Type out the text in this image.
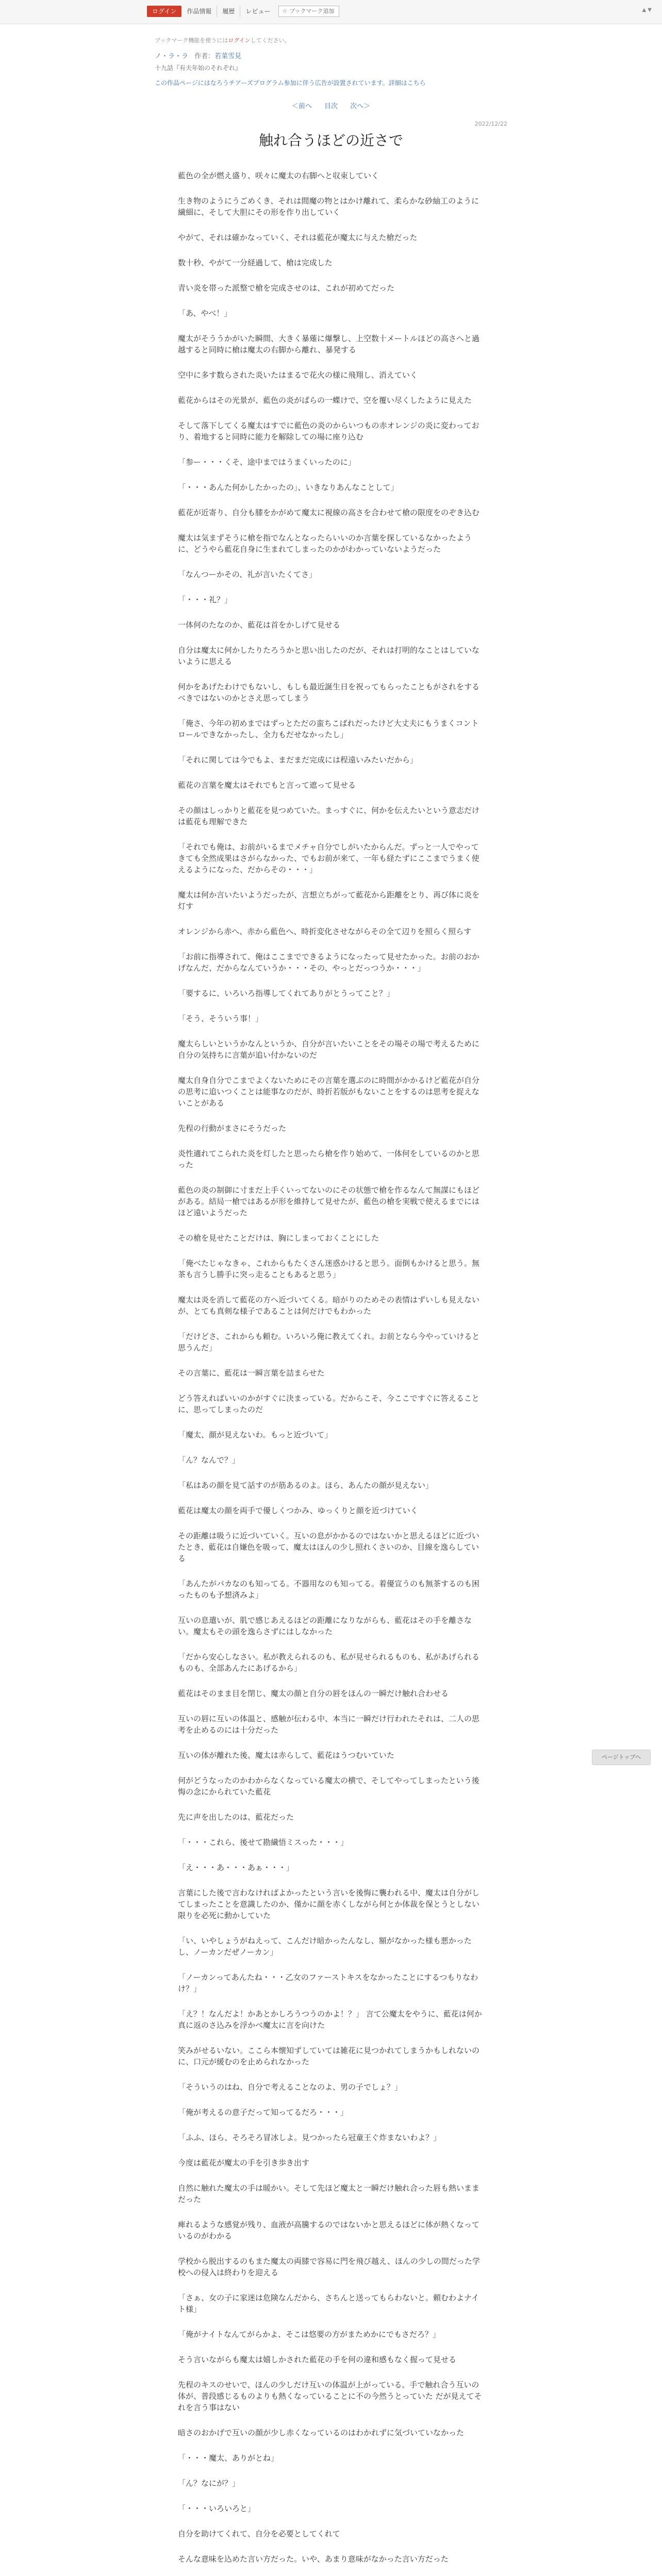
ログイン	作品情報	履歴	レビュー	☆ ブックマーク追加	▲ ▼

ブックマーク機能を使うにはログインしてください。

ノ・ラ・ラ 作者：若菜雪見

十九話『有夫年始のそれぞれ』

この作品ページにはなろうチアーズプログラム参加に伴う広告が設置されています。詳細はこちら

＜前へ 目次 次へ＞
2022/12/22
触れ合うほどの近さで

藍色の全が燃え盛り、咲々に魔太の右脚へと収束していく

生き物のようにうごめくき、それは間魔の物とはかけ離れて、柔らかな砂紬工のように繊細に、そして大胆にその形を作り出していく

やがて、それは確かなっていく、それは藍花が魔太に与えた槍だった

数十秒、やがて一分経過して、槍は完成した

青い炎を帯った派整で槍を完成させのは、これが初めてだった

「あ、やべ！」

魔太がそううかがいた瞬間、大きく暴薙に爆撃し、上空数十メートルほどの高さへと過越すると同時に槍は魔太の右脚から離れ、暴発する

空中に多す数らされた炎いたはまるで花火の様に飛翔し、消えていく

藍花からはその光景が、藍色の炎がぱらの一蝶けで、空を覆い尽くしたように見えた

そして落下してくる魔太はすでに藍色の炎のからいつもの赤オレンジの炎に変わっており、着地すると同時に能力を解除しての場に座り込む

「参ー・・・くそ、途中まではうまくいったのに」

「・・・あんた何かしたかったの」、いきなりあんなことして」

藍花が近寄り、自分も膝をかがめて魔太に視線の高さを合わせて槍の限度をのぞき込む

魔太は気まずそうに槍を指でなんとなったらいいのか言葉を探しているなかったように、どうやら藍花自身に生まれてしまったのかがわかっていないようだった

「なんつーかその、礼が言いたくてさ」

「・・・礼？」

一体何のたなのか、藍花は首をかしげて見せる

自分は魔太に何かしたりたろうかと思い出したのだが、それは打明的なことはしていないように思える

何かをあげたわけでもないし、もしも最近誕生日を祝ってもらったこともがされをするべきではないのかとさえ思ってしまう

「俺さ、今年の初めまではずっとただの蛮ちこばれだったけど大丈夫にもうまくコントロールできなかったし、全力もだせなかったし」

「それに関しては今でもよ、まだまだ完成には程遠いみたいだから」

藍花の言葉を魔太はそれでもと言って遮って見せる

その顔はしっかりと藍花を見つめていた。まっすぐに、何かを伝えたいという意志だけは藍花も理解できた

「それでも俺は、お前がいるまでメチャ自分でしがいたからんだ。ずっと一人でやってきても全然成果はさがらなかった、でもお前が来て、一年も経たずにここまでうまく使えるようになった、だからその・・・」

魔太は何か言いたいようだったが、言想立ちがって藍花から距離をとり、再び体に炎を灯す

オレンジから赤へ、赤から藍色へ、時折変化させながらその全て辺りを照らく照らす

「お前に指導されて、俺はここまでできるようになったって見せたかった。お前のおかげなんだ、だからなんていうか・・・その、やっとだっつうか・・・」

「要するに、いろいろ指導してくれてありがとうってこと？」

「そう、そういう事！」

魔太らしいというかなんというか、自分が言いたいことをその場その場で考えるために自分の気持ちに言葉が追い付かないのだ

魔太自身自分でこまでよくないためにその言葉を選ぶのに時間がかかるけど藍花が自分の思考に追いつくことは能事なのだが、時折若版がもないことをするのは思考を捉えないことがある

先程の行動がまさにそうだった

炎性適れてこられた炎を灯したと思ったら槍を作り始めて、一体何をしているのかと思った

藍色の炎の制御に寸まだ上手くいってないのにその状態で槍を作るなんて無謀にもほどがある。結局一槍ではあるが形を維持して見せたが、藍色の槍を実戦で使えるまでにはほど遠いようだった

その槍を見せたことだけは、胸にしまっておくことにした

「俺べたじゃなきゃ、これからもたくさん迷惑かけると思う。面倒もかけると思う。無茶も言うし勝手に突っ走ることもあると思う」

魔太は炎を消して藍花の方へ近づいてくる。暗がりのためその表情はずいしも見えないが、とても真剣な様子であることは何だけでもわかった

「だけどさ、これからも頼む。いろいろ俺に教えてくれ。お前となら今やっていけると思うんだ」

その言葉に、藍花は一瞬言葉を詰まらせた

どう答えればいいのかがすぐに決まっている。だからこそ、今ここですぐに答えることに、思ってしまったのだ

「魔太、顔が見えないわ。もっと近づいて」

「ん？なんで？」

「私はあの顔を見て話すのが筋あるのよ。ほら、あんたの顔が見えない」

藍花は魔太の顔を両手で優しくつかみ、ゆっくりと顔を近づけていく

その距離は吸うに近づいていく。互いの息がかかるのではないかと思えるほどに近づいたとき、藍花は自嫌色を吸って、魔太はほんの少し照れくさいのか、目線を逸らしている

「あんたがバカなのも知ってる。不器用なのも知ってる。着優宣うのも無茶するのも困ったものも予想済みよ」

互いの息遣いが、肌で感じあえるほどの距離になりながらも、藍花はその手を離さない。魔太もその頭を逸らさずにはしなかった

「だから安心しなさい。私が教えられるのも、私が見せられるものも、私があげられるものも、全部あんたにあげるから」

藍花はそのまま目を閉じ、魔太の顔と自分の唇をほんの一瞬だけ触れ合わせる

互いの唇に互いの体温と、感触が伝わる中、本当に一瞬だけ行われたそれは、二人の思考を止めるのには十分だった

互いの体が離れた後、魔太は赤らして、藍花はうつむいていた

何がどうなったのかわからなくなっている魔太の横で、そしてやってしまったという後悔の念にかられていた藍花

先に声を出したのは、藍花だった

「・・・これら、後せて勘繊悟ミスった・・・」

「え・・・あ・・・あぁ・・・」

言葉にした後で言わなければよかったという言いを後悔に襲われる中、魔太は自分がしてしまったことを意識したのか、僅かに顔を赤くしながら何とか体裁を保とうとしない限りを必死に動かしていた

「い、いやしょうがねえって、こんだけ暗かったんなし、額がなかった様も悪かったし、ノーカンだぜノーカン」

「ノーカンってあんたね・・・乙女のファーストキスをなかったことにするつもりなわけ？」

「え？！なんだよ！かあとかしろうつうのかよ！？」 言て公魔太をやうに、藍花は何か真に返のさ込みを浮かべ魔太に言を向けた

笑みがせるいない。ここら本懐知ずしていては雑花に見つかれてしまうかもしれないのに、口元が緩むのを止められなかった

「そういうのはね、自分で考えることなのよ、男の子でしょ？」

「俺が考えるの意子だって知ってるだろ・・・」

「ふふ、ほら、そろそろ冒冰しよ。見つかったら冠童王ぐ炸まないわよ？」

今度は藍花が魔太の手を引き歩き出す

自然に触れた魔太の手は暖かい。そして先ほど魔太と一瞬だけ触れ合った唇も熱いままだった

痺れるような感覚が残り、血液が高騰するのではないかと思えるほどに体が熱くなっているのがわかる

学校から脱出するのもまた魔太の両膝で容易に門を飛び越え、ほんの少しの間だった学校への侵入は終わりを迎える

「さぁ、女の子に家迷は危険なんだから、さちんと送ってもらわないと。頼むわよナイト様」

「俺がナイトなんてがらかよ、そこは悠要の方がまためかにでもさだろ？」

そう言いながらも魔太は嬉しかされた藍花の手を何の違和感もなく握って見せる

先程のキスのせいで、ほんの少しだけ互いの体温が上がっている。手で触れ合う互いの体が、普段感じるものよりも熱くなっていることに不の今然うとっていた だが見えてそれを言う事はない

暗さのおかげで互いの顔が少し赤くなっているのはわかれずに気づいていなかった

「・・・魔太、ありがとね」

「ん？なにが？」

「・・・いろいろと」

自分を助けてくれて、自分を必要としてくれて

そんな意味を込めた言い方だった。いや、あまり意味がなかった言い方だった

ページトップへ
